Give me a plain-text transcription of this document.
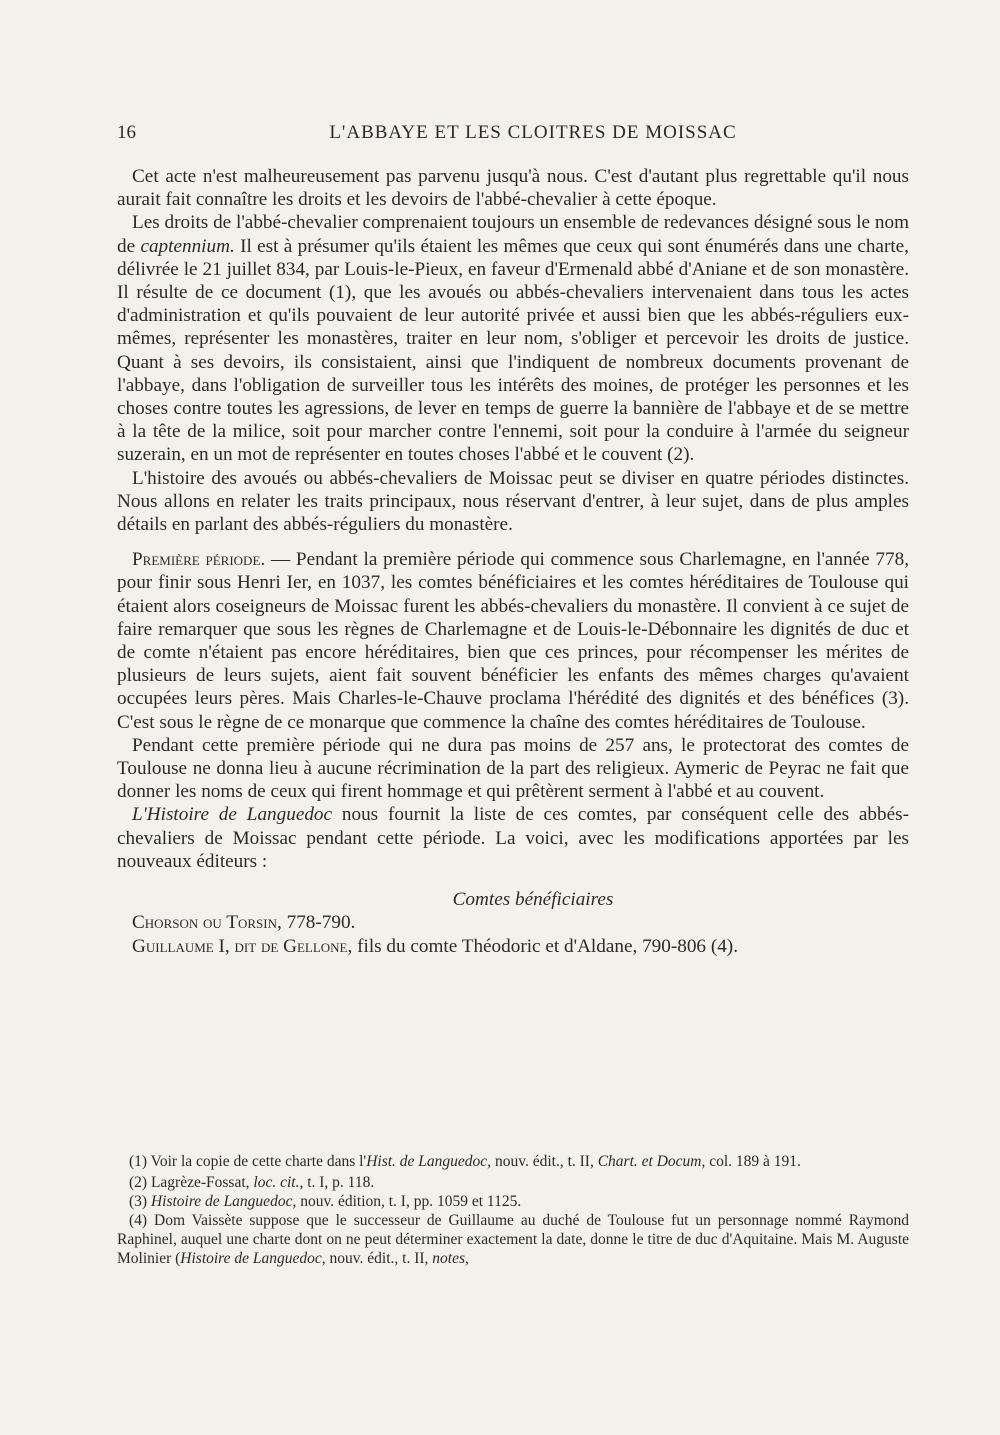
16	L'ABBAYE ET LES CLOITRES DE MOISSAC

Cet acte n'est malheureusement pas parvenu jusqu'à nous. C'est d'autant plus regrettable qu'il nous aurait fait connaître les droits et les devoirs de l'abbé-chevalier à cette époque.

Les droits de l'abbé-chevalier comprenaient toujours un ensemble de redevances désigné sous le nom de captennium. Il est à présumer qu'ils étaient les mêmes que ceux qui sont énumérés dans une charte, délivrée le 21 juillet 834, par Louis-le-Pieux, en faveur d'Ermenald abbé d'Aniane et de son monastère. Il résulte de ce document (1), que les avoués ou abbés-chevaliers intervenaient dans tous les actes d'administration et qu'ils pouvaient de leur autorité privée et aussi bien que les abbés-réguliers eux-mêmes, représenter les monastères, traiter en leur nom, s'obliger et percevoir les droits de justice. Quant à ses devoirs, ils consistaient, ainsi que l'indiquent de nombreux documents provenant de l'abbaye, dans l'obligation de surveiller tous les intérêts des moines, de protéger les personnes et les choses contre toutes les agressions, de lever en temps de guerre la bannière de l'abbaye et de se mettre à la tête de la milice, soit pour marcher contre l'ennemi, soit pour la conduire à l'armée du seigneur suzerain, en un mot de représenter en toutes choses l'abbé et le couvent (2).

L'histoire des avoués ou abbés-chevaliers de Moissac peut se diviser en quatre périodes distinctes. Nous allons en relater les traits principaux, nous réservant d'entrer, à leur sujet, dans de plus amples détails en parlant des abbés-réguliers du monastère.

Première période. — Pendant la première période qui commence sous Charlemagne, en l'année 778, pour finir sous Henri Ier, en 1037, les comtes bénéficiaires et les comtes héréditaires de Toulouse qui étaient alors coseigneurs de Moissac furent les abbés-chevaliers du monastère. Il convient à ce sujet de faire remarquer que sous les règnes de Charlemagne et de Louis-le-Débonnaire les dignités de duc et de comte n'étaient pas encore héréditaires, bien que ces princes, pour récompenser les mérites de plusieurs de leurs sujets, aient fait souvent bénéficier les enfants des mêmes charges qu'avaient occupées leurs pères. Mais Charles-le-Chauve proclama l'hérédité des dignités et des bénéfices (3). C'est sous le règne de ce monarque que commence la chaîne des comtes héréditaires de Toulouse.

Pendant cette première période qui ne dura pas moins de 257 ans, le protectorat des comtes de Toulouse ne donna lieu à aucune récrimination de la part des religieux. Aymeric de Peyrac ne fait que donner les noms de ceux qui firent hommage et qui prêtèrent serment à l'abbé et au couvent.

L'Histoire de Languedoc nous fournit la liste de ces comtes, par conséquent celle des abbés-chevaliers de Moissac pendant cette période. La voici, avec les modifications apportées par les nouveaux éditeurs :

Comtes bénéficiaires

Chorson ou Torsin, 778-790.

Guillaume I, dit de Gellone, fils du comte Théodoric et d'Aldane, 790-806 (4).

(1) Voir la copie de cette charte dans l'Hist. de Languedoc, nouv. édit., t. II, Chart. et Docum, col. 189 à 191.

(2) Lagrèze-Fossat, loc. cit., t. I, p. 118.

(3) Histoire de Languedoc, nouv. édition, t. I, pp. 1059 et 1125.

(4) Dom Vaissète suppose que le successeur de Guillaume au duché de Toulouse fut un personnage nommé Raymond Raphinel, auquel une charte dont on ne peut déterminer exactement la date, donne le titre de duc d'Aquitaine. Mais M. Auguste Molinier (Histoire de Languedoc, nouv. édit., t. II, notes,
